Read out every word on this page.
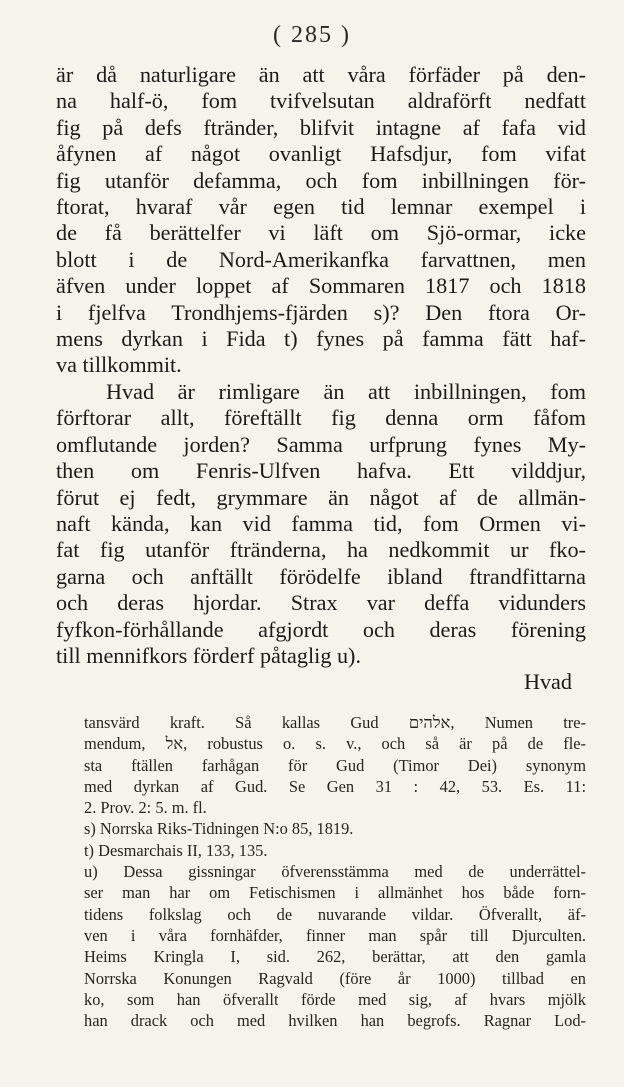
( 285 )
är då naturligare än att våra förfäder på den-
na half-ö, fom tvifvelsutan aldraförft nedfatt
fig på defs ftränder, blifvit intagne af fafa vid
åfynen af något ovanligt Hafsdjur, fom vifat
fig utanför defamma, och fom inbillningen för-
ftorat, hvaraf vår egen tid lemnar exempel i
de få berättelfer vi läft om Sjö-ormar, icke
blott i de Nord-Amerikanfka farvattnen, men
äfven under loppet af Sommaren 1817 och 1818
i fjelfva Trondhjems-fjärden s)? Den ftora Or-
mens dyrkan i Fida t) fynes på famma fätt haf-
va tillkommit.
Hvad är rimligare än att inbillningen, fom
förftorar allt, föreftällt fig denna orm fåfom
omflutande jorden? Samma urfprung fynes My-
then om Fenris-Ulfven hafva. Ett vilddjur,
förut ej fedt, grymmare än något af de allmän-
naft kända, kan vid famma tid, fom Ormen vi-
fat fig utanför ftränderna, ha nedkommit ur fko-
garna och anftällt förödelfe ibland ftrandfittarna
och deras hjordar. Strax var deffa vidunders
fyfkon-förhållande afgjordt och deras förening
till mennifkors förderf påtaglig u).
Hvad
tansvärd kraft. Så kallas Gud אלהים, Numen tre-
mendum, אל, robustus o. s. v., och så är på de fle-
sta ftällen farhågan för Gud (Timor Dei) synonym
med dyrkan af Gud. Se Gen 31 : 42, 53. Es. 11:
2. Prov. 2: 5. m. fl.
s) Norrska Riks-Tidningen N:o 85, 1819.
t) Desmarchais II, 133, 135.
u) Dessa gissningar öfverensstämma med de underrättel-
ser man har om Fetischismen i allmänhet hos både forn-
tidens folkslag och de nuvarande vildar. Öfverallt, äf-
ven i våra fornhäfder, finner man spår till Djurculten.
Heims Kringla I, sid. 262, berättar, att den gamla
Norrska Konungen Ragvald (före år 1000) tillbad en
ko, som han öfverallt förde med sig, af hvars mjölk
han drack och med hvilken han begrofs. Ragnar Lod-
